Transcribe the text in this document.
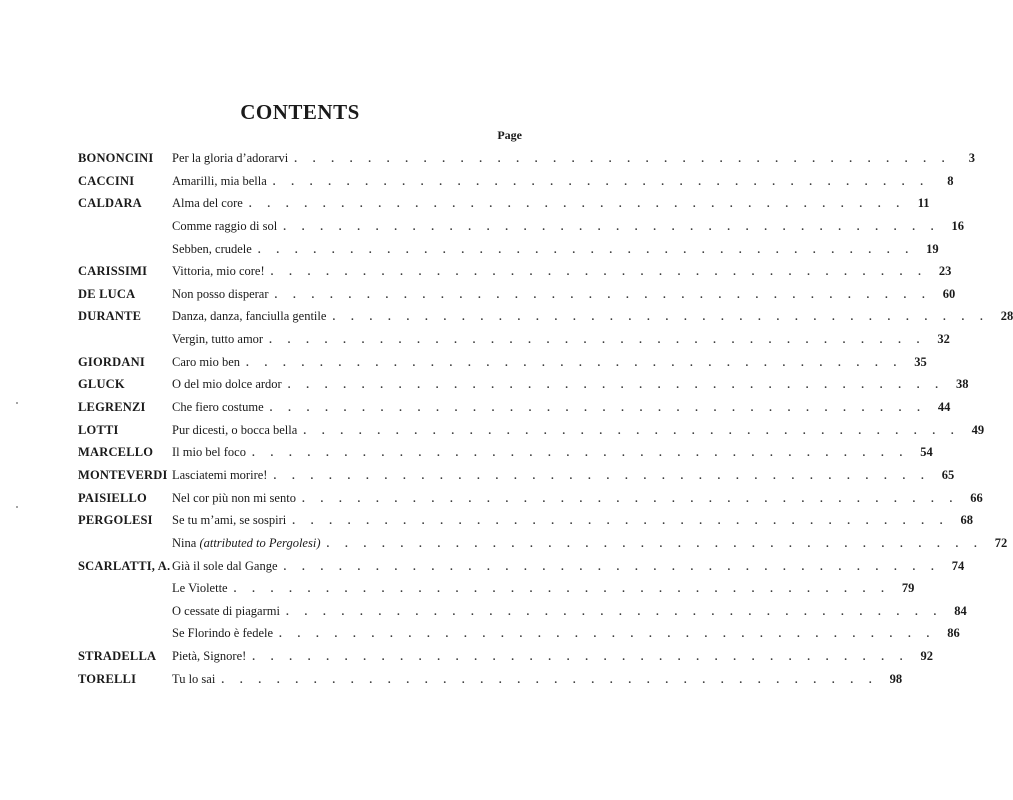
CONTENTS
Page
BONONCINI Per la gloria d’adorarvi . . . . . . . . . . . . . . . . . . . . . . . . . . . . . . . . . . . .	3
CACCINI	Amarilli, mia bella . . . . . . . . . . . . . . . . . . . . . . . . . . . . . . . . . . . .	8
CALDARA Alma del core . . . . . . . . . . . . . . . . . . . . . . . . . . . . . . . . . . . . 11
Comme raggio di sol . . . . . . . . . . . . . . . . . . . . . . . . . . . . . . . . . . . . 16
Sebben, crudele . . . . . . . . . . . . . . . . . . . . . . . . . . . . . . . . . . . . 19
CARISSIMI Vittoria, mio core! . . . . . . . . . . . . . . . . . . . . . . . . . . . . . . . . . . . . 23
DE LUCA	Non posso disperar . . . . . . . . . . . . . . . . . . . . . . . . . . . . . . . . . . . . 60
DURANTE Danza, danza, fanciulla gentile . . . . . . . . . . . . . . . . . . . . . . . . . . . . . . . . . . . . 28
Vergin, tutto amor . . . . . . . . . . . . . . . . . . . . . . . . . . . . . . . . . . . . 32
GIORDANI Caro mio ben . . . . . . . . . . . . . . . . . . . . . . . . . . . . . . . . . . . . 35
GLUCK	O del mio dolce ardor . . . . . . . . . . . . . . . . . . . . . . . . . . . . . . . . . . . . 38
LEGRENZI Che fiero costume . . . . . . . . . . . . . . . . . . . . . . . . . . . . . . . . . . . . 44
LOTTI	Pur dicesti, o bocca bella . . . . . . . . . . . . . . . . . . . . . . . . . . . . . . . . . . . . 49
MARCELLO Il mio bel foco . . . . . . . . . . . . . . . . . . . . . . . . . . . . . . . . . . . . 54
MONTEVERDI Lasciatemi morire! . . . . . . . . . . . . . . . . . . . . . . . . . . . . . . . . . . . . 65
PAISIELLO Nel cor più non mi sento . . . . . . . . . . . . . . . . . . . . . . . . . . . . . . . . . . . . 66
PERGOLESI Se tu m’ami, se sospiri . . . . . . . . . . . . . . . . . . . . . . . . . . . . . . . . . . . . 68
Nina (attributed to Pergolesi) . . . . . . . . . . . . . . . . . . . . . . . . . . . . . . . . . . . . 72
SCARLATTI, A. Già il sole dal Gange . . . . . . . . . . . . . . . . . . . . . . . . . . . . . . . . . . . . 74
Le Violette . . . . . . . . . . . . . . . . . . . . . . . . . . . . . . . . . . . . 79
O cessate di piagarmi . . . . . . . . . . . . . . . . . . . . . . . . . . . . . . . . . . . . 84
Se Florindo è fedele . . . . . . . . . . . . . . . . . . . . . . . . . . . . . . . . . . . . 86
STRADELLA Pietà, Signore! . . . . . . . . . . . . . . . . . . . . . . . . . . . . . . . . . . . . 92
TORELLI	Tu lo sai . . . . . . . . . . . . . . . . . . . . . . . . . . . . . . . . . . . . 98
